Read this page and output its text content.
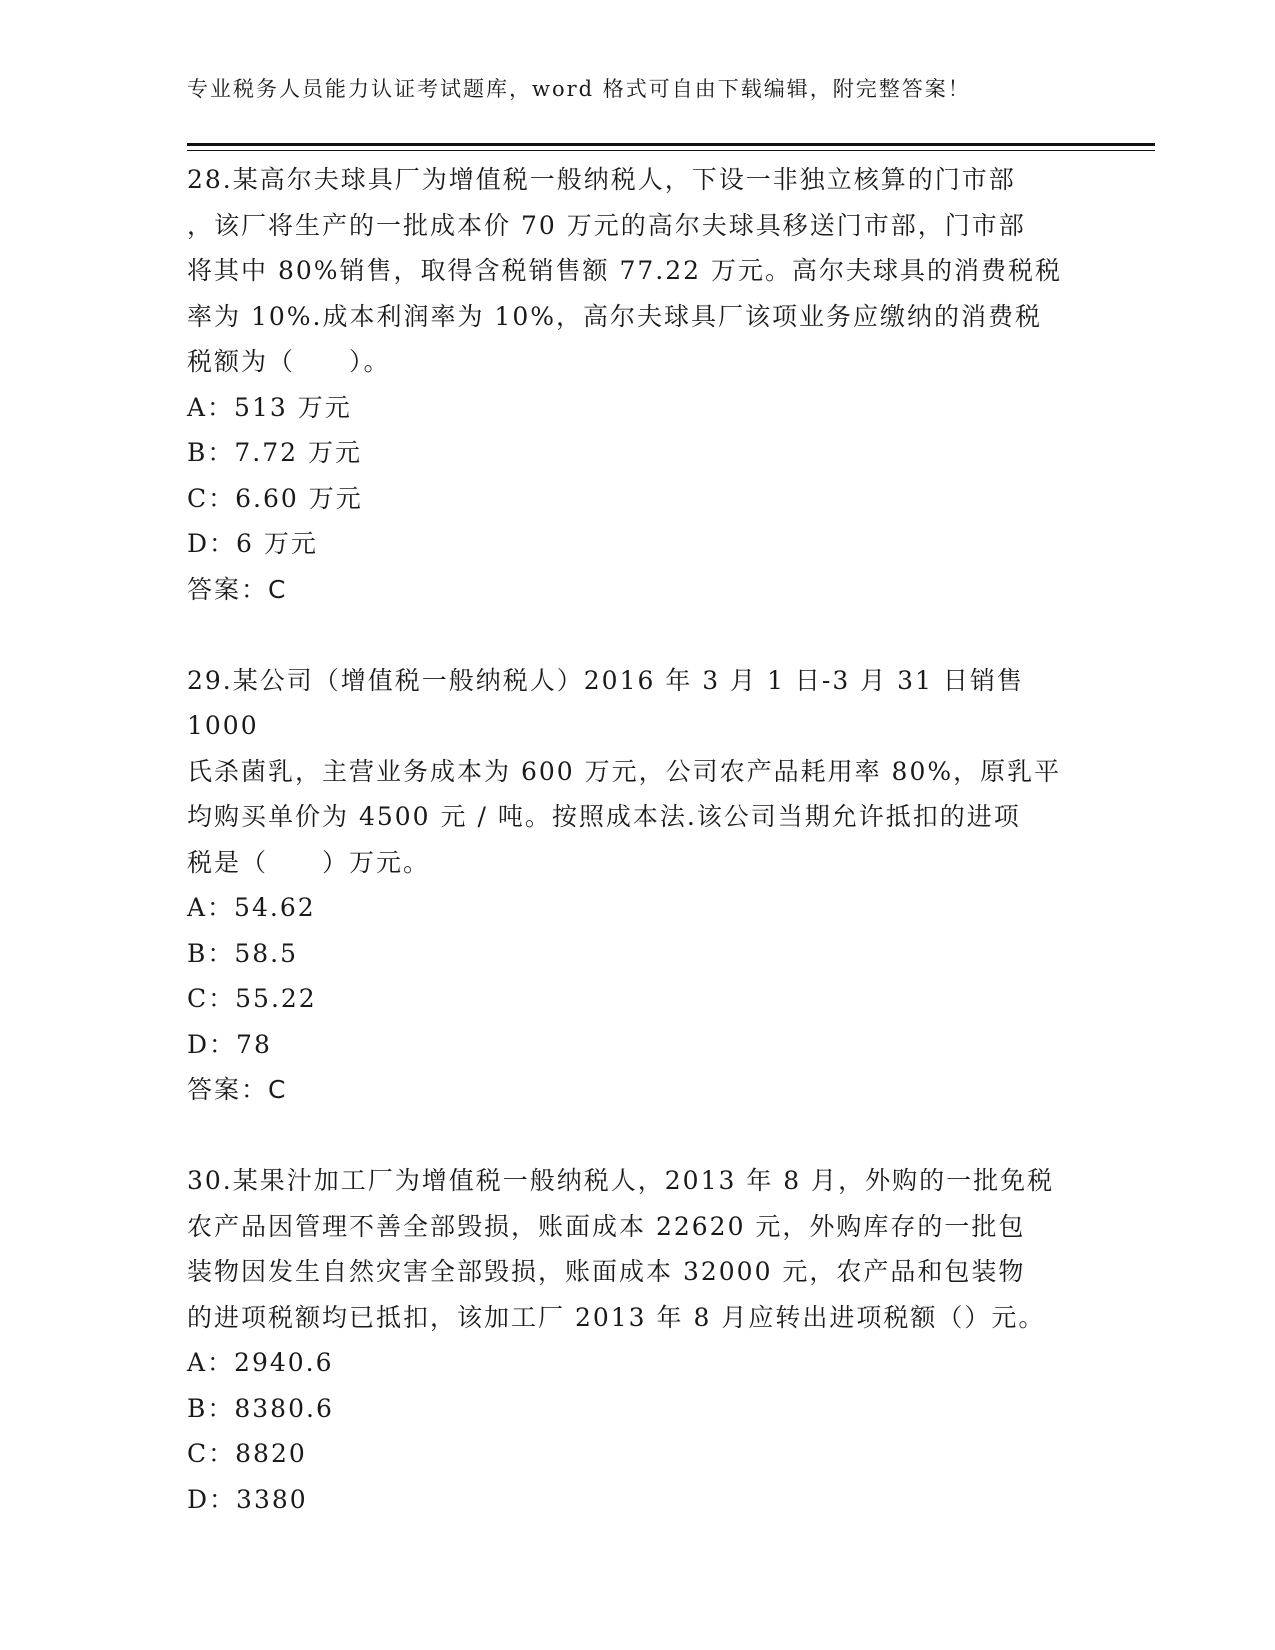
专业税务人员能力认证考试题库，word 格式可自由下载编辑，附完整答案！

28.某高尔夫球具厂为增值税一般纳税人，下设一非独立核算的门市部

，该厂将生产的一批成本价 70 万元的高尔夫球具移送门市部，门市部

将其中 80%销售，取得含税销售额 77.22 万元。高尔夫球具的消费税税

率为 10%.成本利润率为 10%，高尔夫球具厂该项业务应缴纳的消费税

税额为（　　）。

A：513 万元

B：7.72 万元

C：6.60 万元

D：6 万元

答案：C

29.某公司（增值税一般纳税人）2016 年 3 月 1 日-3 月 31 日销售 1000

氏杀菌乳，主营业务成本为 600 万元，公司农产品耗用率 80%，原乳平

均购买单价为 4500 元 / 吨。按照成本法.该公司当期允许抵扣的进项

税是（　　）万元。

A：54.62

B：58.5

C：55.22

D：78

答案：C

30.某果汁加工厂为增值税一般纳税人，2013 年 8 月，外购的一批免税

农产品因管理不善全部毁损，账面成本 22620 元，外购库存的一批包

装物因发生自然灾害全部毁损，账面成本 32000 元，农产品和包装物

的进项税额均已抵扣，该加工厂 2013 年 8 月应转出进项税额（）元。

A：2940.6

B：8380.6

C：8820

D：3380
